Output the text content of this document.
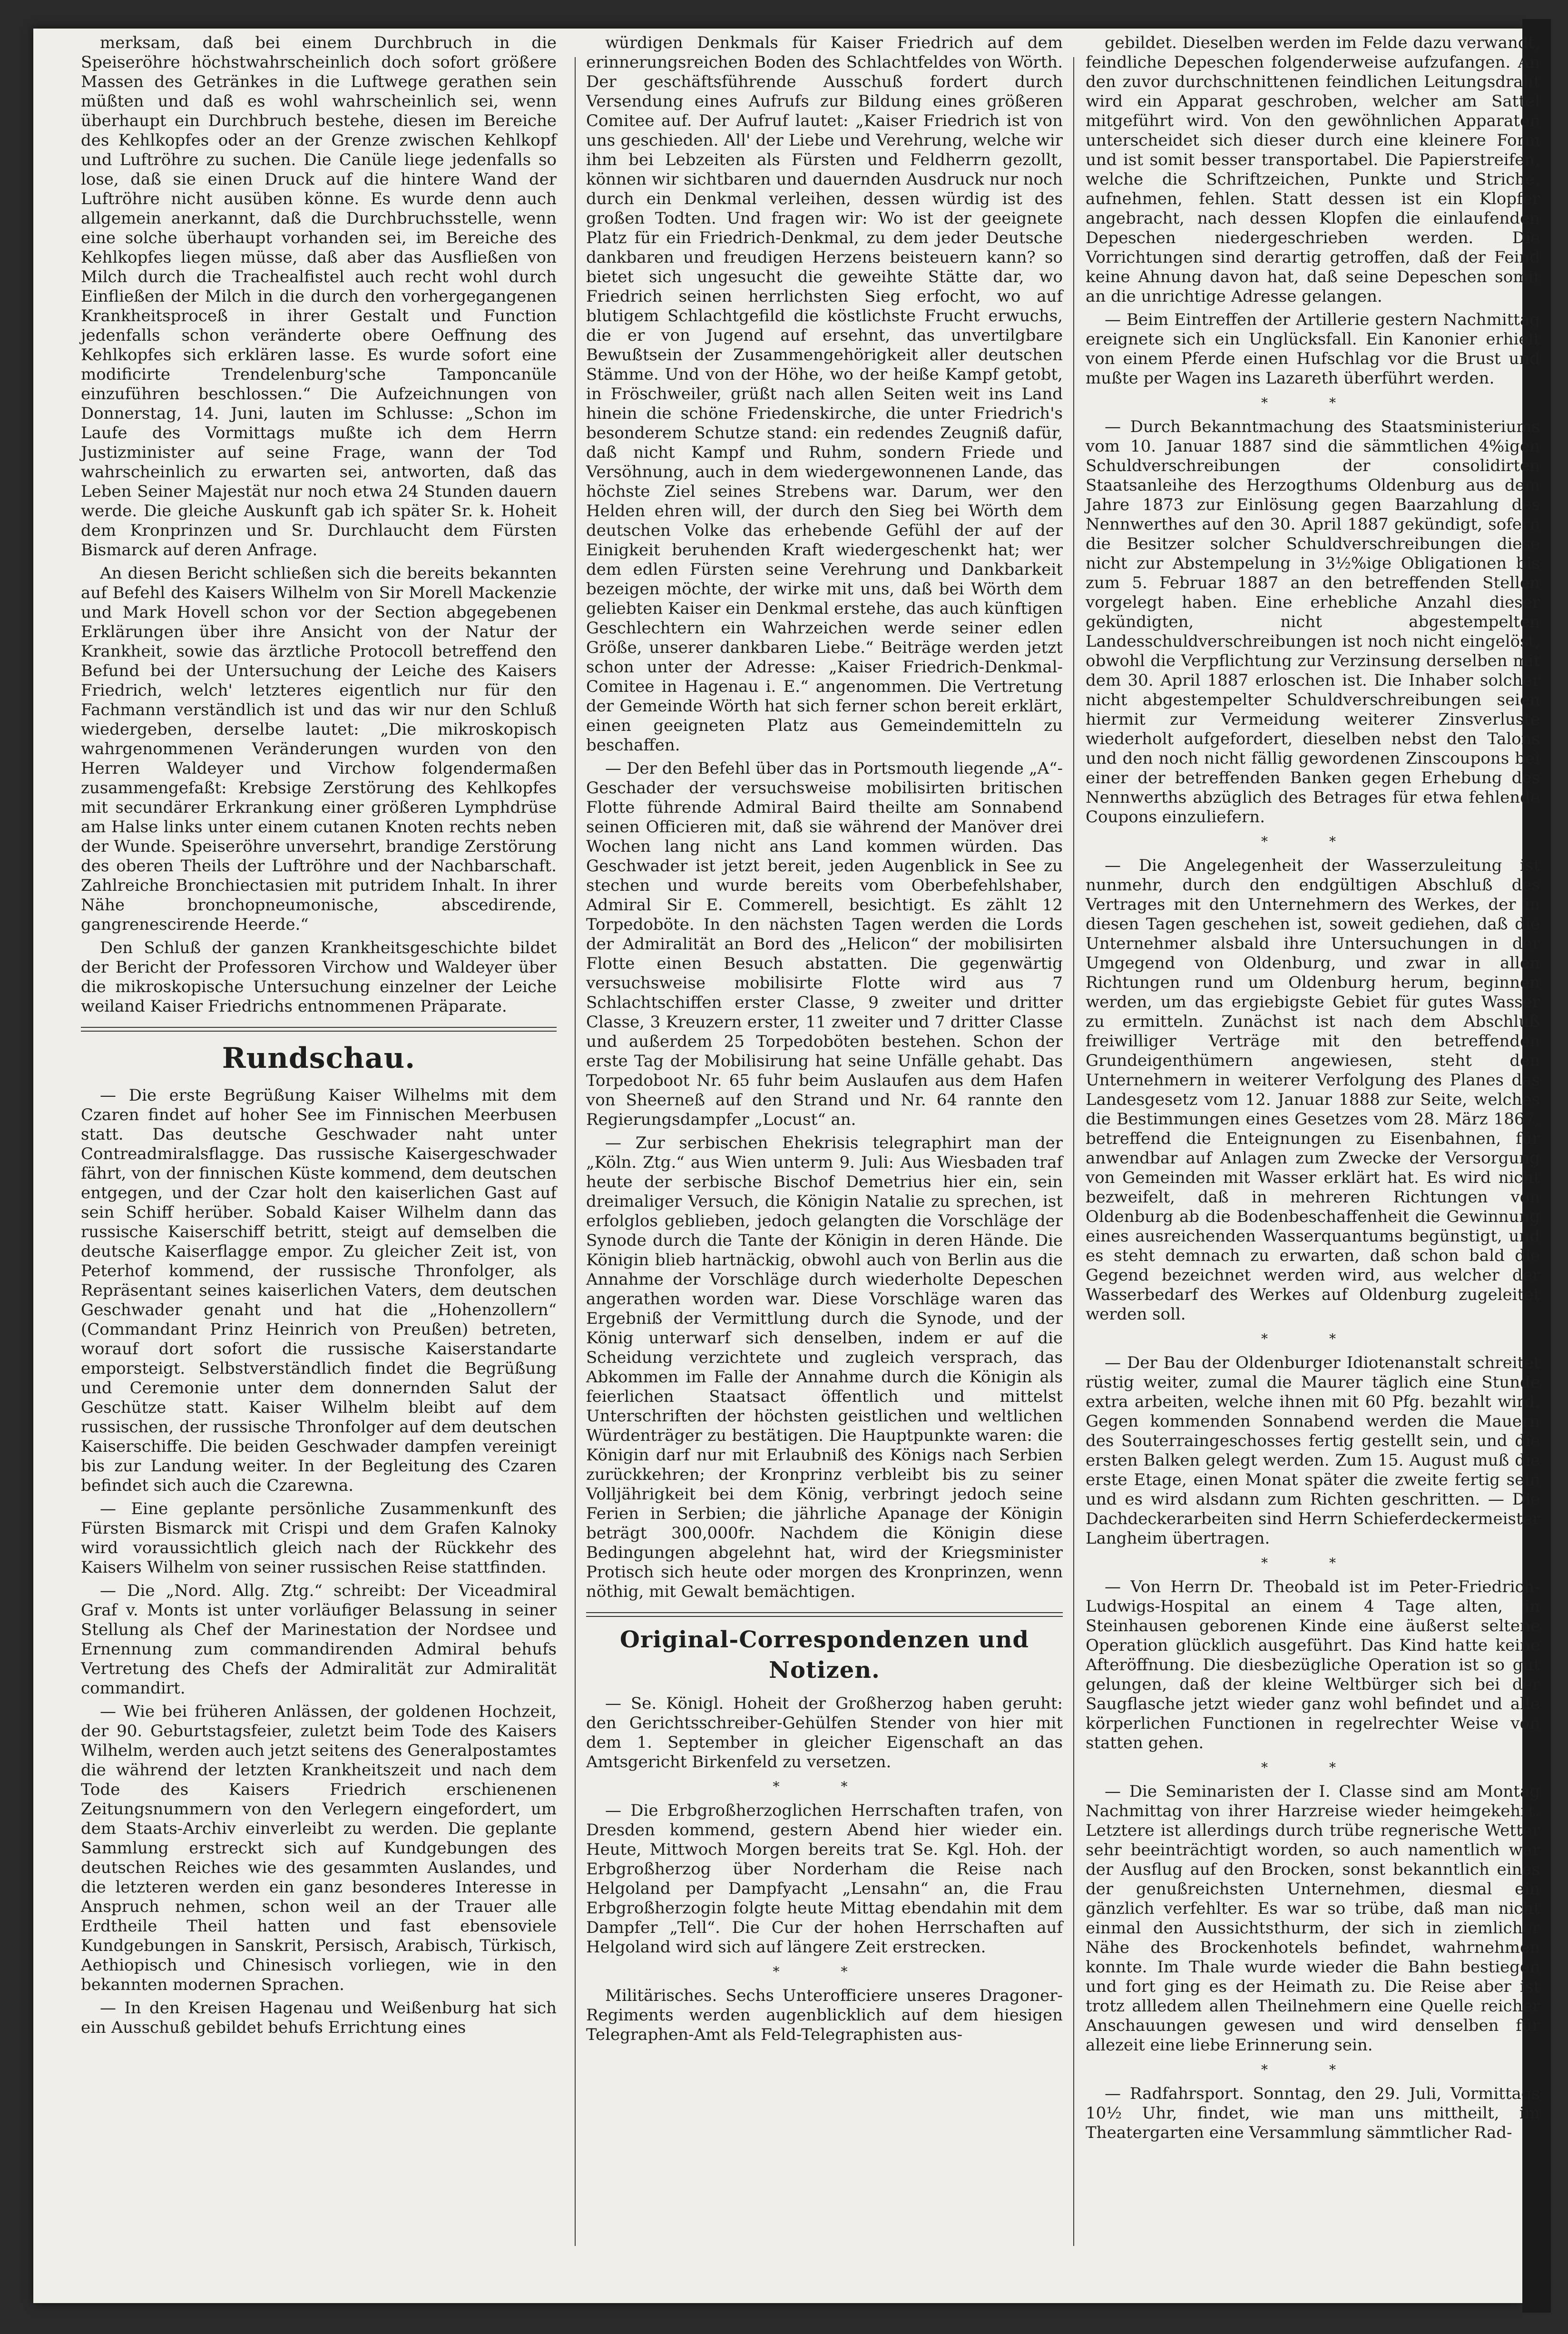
merksam, daß bei einem Durchbruch in die Speiseröhre höchstwahrscheinlich doch sofort größere Massen des Getränkes in die Luftwege gerathen sein müßten und daß es wohl wahrscheinlich sei, wenn überhaupt ein Durchbruch bestehe, diesen im Bereiche des Kehlkopfes oder an der Grenze zwischen Kehlkopf und Luftröhre zu suchen. Die Canüle liege jedenfalls so lose, daß sie einen Druck auf die hintere Wand der Luftröhre nicht ausüben könne. Es wurde denn auch allgemein anerkannt, daß die Durchbruchsstelle, wenn eine solche überhaupt vorhanden sei, im Bereiche des Kehlkopfes liegen müsse, daß aber das Ausfließen von Milch durch die Trachealfistel auch recht wohl durch Einfließen der Milch in die durch den vorhergegangenen Krankheitsproceß in ihrer Gestalt und Function jedenfalls schon veränderte obere Oeffnung des Kehlkopfes sich erklären lasse. Es wurde sofort eine modificirte Trendelenburg'sche Tamponcanüle einzuführen beschlossen.“ Die Aufzeichnungen von Donnerstag, 14. Juni, lauten im Schlusse: „Schon im Laufe des Vormittags mußte ich dem Herrn Justizminister auf seine Frage, wann der Tod wahrscheinlich zu erwarten sei, antworten, daß das Leben Seiner Majestät nur noch etwa 24 Stunden dauern werde. Die gleiche Auskunft gab ich später Sr. k. Hoheit dem Kronprinzen und Sr. Durchlaucht dem Fürsten Bismarck auf deren Anfrage.

An diesen Bericht schließen sich die bereits bekannten auf Befehl des Kaisers Wilhelm von Sir Morell Mackenzie und Mark Hovell schon vor der Section abgegebenen Erklärungen über ihre Ansicht von der Natur der Krankheit, sowie das ärztliche Protocoll betreffend den Befund bei der Untersuchung der Leiche des Kaisers Friedrich, welch' letzteres eigentlich nur für den Fachmann verständlich ist und das wir nur den Schluß wiedergeben, derselbe lautet: „Die mikroskopisch wahrgenommenen Veränderungen wurden von den Herren Waldeyer und Virchow folgendermaßen zusammengefaßt: Krebsige Zerstörung des Kehlkopfes mit secundärer Erkrankung einer größeren Lymphdrüse am Halse links unter einem cutanen Knoten rechts neben der Wunde. Speiseröhre unversehrt, brandige Zerstörung des oberen Theils der Luftröhre und der Nachbarschaft. Zahlreiche Bronchiectasien mit putridem Inhalt. In ihrer Nähe bronchopneumonische, abscedirende, gangrenescirende Heerde.“

Den Schluß der ganzen Krankheitsgeschichte bildet der Bericht der Professoren Virchow und Waldeyer über die mikroskopische Untersuchung einzelner der Leiche weiland Kaiser Friedrichs entnommenen Präparate.

Rundschau.

— Die erste Begrüßung Kaiser Wilhelms mit dem Czaren findet auf hoher See im Finnischen Meerbusen statt. Das deutsche Geschwader naht unter Contreadmiralsflagge. Das russische Kaisergeschwader fährt, von der finnischen Küste kommend, dem deutschen entgegen, und der Czar holt den kaiserlichen Gast auf sein Schiff herüber. Sobald Kaiser Wilhelm dann das russische Kaiserschiff betritt, steigt auf demselben die deutsche Kaiserflagge empor. Zu gleicher Zeit ist, von Peterhof kommend, der russische Thronfolger, als Repräsentant seines kaiserlichen Vaters, dem deutschen Geschwader genaht und hat die „Hohenzollern“ (Commandant Prinz Heinrich von Preußen) betreten, worauf dort sofort die russische Kaiserstandarte emporsteigt. Selbstverständlich findet die Begrüßung und Ceremonie unter dem donnernden Salut der Geschütze statt. Kaiser Wilhelm bleibt auf dem russischen, der russische Thronfolger auf dem deutschen Kaiserschiffe. Die beiden Geschwader dampfen vereinigt bis zur Landung weiter. In der Begleitung des Czaren befindet sich auch die Czarewna.

— Eine geplante persönliche Zusammenkunft des Fürsten Bismarck mit Crispi und dem Grafen Kalnoky wird voraussichtlich gleich nach der Rückkehr des Kaisers Wilhelm von seiner russischen Reise stattfinden.

— Die „Nord. Allg. Ztg.“ schreibt: Der Viceadmiral Graf v. Monts ist unter vorläufiger Belassung in seiner Stellung als Chef der Marinestation der Nordsee und Ernennung zum commandirenden Admiral behufs Vertretung des Chefs der Admiralität zur Admiralität commandirt.

— Wie bei früheren Anlässen, der goldenen Hochzeit, der 90. Geburtstagsfeier, zuletzt beim Tode des Kaisers Wilhelm, werden auch jetzt seitens des Generalpostamtes die während der letzten Krankheitszeit und nach dem Tode des Kaisers Friedrich erschienenen Zeitungsnummern von den Verlegern eingefordert, um dem Staats-Archiv einverleibt zu werden. Die geplante Sammlung erstreckt sich auf Kundgebungen des deutschen Reiches wie des gesammten Auslandes, und die letzteren werden ein ganz besonderes Interesse in Anspruch nehmen, schon weil an der Trauer alle Erdtheile Theil hatten und fast ebensoviele Kundgebungen in Sanskrit, Persisch, Arabisch, Türkisch, Aethiopisch und Chinesisch vorliegen, wie in den bekannten modernen Sprachen.

— In den Kreisen Hagenau und Weißenburg hat sich ein Ausschuß gebildet behufs Errichtung eines

würdigen Denkmals für Kaiser Friedrich auf dem erinnerungsreichen Boden des Schlachtfeldes von Wörth. Der geschäftsführende Ausschuß fordert durch Versendung eines Aufrufs zur Bildung eines größeren Comitee auf. Der Aufruf lautet: „Kaiser Friedrich ist von uns geschieden. All' der Liebe und Verehrung, welche wir ihm bei Lebzeiten als Fürsten und Feldherrn gezollt, können wir sichtbaren und dauernden Ausdruck nur noch durch ein Denkmal verleihen, dessen würdig ist des großen Todten. Und fragen wir: Wo ist der geeignete Platz für ein Friedrich-Denkmal, zu dem jeder Deutsche dankbaren und freudigen Herzens beisteuern kann? so bietet sich ungesucht die geweihte Stätte dar, wo Friedrich seinen herrlichsten Sieg erfocht, wo auf blutigem Schlachtgefild die köstlichste Frucht erwuchs, die er von Jugend auf ersehnt, das unvertilgbare Bewußtsein der Zusammengehörigkeit aller deutschen Stämme. Und von der Höhe, wo der heiße Kampf getobt, in Fröschweiler, grüßt nach allen Seiten weit ins Land hinein die schöne Friedenskirche, die unter Friedrich's besonderem Schutze stand: ein redendes Zeugniß dafür, daß nicht Kampf und Ruhm, sondern Friede und Versöhnung, auch in dem wiedergewonnenen Lande, das höchste Ziel seines Strebens war. Darum, wer den Helden ehren will, der durch den Sieg bei Wörth dem deutschen Volke das erhebende Gefühl der auf der Einigkeit beruhenden Kraft wiedergeschenkt hat; wer dem edlen Fürsten seine Verehrung und Dankbarkeit bezeigen möchte, der wirke mit uns, daß bei Wörth dem geliebten Kaiser ein Denkmal erstehe, das auch künftigen Geschlechtern ein Wahrzeichen werde seiner edlen Größe, unserer dankbaren Liebe.“ Beiträge werden jetzt schon unter der Adresse: „Kaiser Friedrich-Denkmal-Comitee in Hagenau i. E.“ angenommen. Die Vertretung der Gemeinde Wörth hat sich ferner schon bereit erklärt, einen geeigneten Platz aus Gemeindemitteln zu beschaffen.

— Der den Befehl über das in Portsmouth liegende „A“-Geschader der versuchsweise mobilisirten britischen Flotte führende Admiral Baird theilte am Sonnabend seinen Officieren mit, daß sie während der Manöver drei Wochen lang nicht ans Land kommen würden. Das Geschwader ist jetzt bereit, jeden Augenblick in See zu stechen und wurde bereits vom Oberbefehlshaber, Admiral Sir E. Commerell, besichtigt. Es zählt 12 Torpedoböte. In den nächsten Tagen werden die Lords der Admiralität an Bord des „Helicon“ der mobilisirten Flotte einen Besuch abstatten. Die gegenwärtig versuchsweise mobilisirte Flotte wird aus 7 Schlachtschiffen erster Classe, 9 zweiter und dritter Classe, 3 Kreuzern erster, 11 zweiter und 7 dritter Classe und außerdem 25 Torpedoböten bestehen. Schon der erste Tag der Mobilisirung hat seine Unfälle gehabt. Das Torpedoboot Nr. 65 fuhr beim Auslaufen aus dem Hafen von Sheerneß auf den Strand und Nr. 64 rannte den Regierungsdampfer „Locust“ an.

— Zur serbischen Ehekrisis telegraphirt man der „Köln. Ztg.“ aus Wien unterm 9. Juli: Aus Wiesbaden traf heute der serbische Bischof Demetrius hier ein, sein dreimaliger Versuch, die Königin Natalie zu sprechen, ist erfolglos geblieben, jedoch gelangten die Vorschläge der Synode durch die Tante der Königin in deren Hände. Die Königin blieb hartnäckig, obwohl auch von Berlin aus die Annahme der Vorschläge durch wiederholte Depeschen angerathen worden war. Diese Vorschläge waren das Ergebniß der Vermittlung durch die Synode, und der König unterwarf sich denselben, indem er auf die Scheidung verzichtete und zugleich versprach, das Abkommen im Falle der Annahme durch die Königin als feierlichen Staatsact öffentlich und mittelst Unterschriften der höchsten geistlichen und weltlichen Würdenträger zu bestätigen. Die Hauptpunkte waren: die Königin darf nur mit Erlaubniß des Königs nach Serbien zurückkehren; der Kronprinz verbleibt bis zu seiner Volljährigkeit bei dem König, verbringt jedoch seine Ferien in Serbien; die jährliche Apanage der Königin beträgt 300,000fr. Nachdem die Königin diese Bedingungen abgelehnt hat, wird der Kriegsminister Protisch sich heute oder morgen des Kronprinzen, wenn nöthig, mit Gewalt bemächtigen.

Original-Correspondenzen und Notizen.

— Se. Königl. Hoheit der Großherzog haben geruht: den Gerichtsschreiber-Gehülfen Stender von hier mit dem 1. September in gleicher Eigenschaft an das Amtsgericht Birkenfeld zu versetzen.

* *

— Die Erbgroßherzoglichen Herrschaften trafen, von Dresden kommend, gestern Abend hier wieder ein. Heute, Mittwoch Morgen bereits trat Se. Kgl. Hoh. der Erbgroßherzog über Norderham die Reise nach Helgoland per Dampfyacht „Lensahn“ an, die Frau Erbgroßherzogin folgte heute Mittag ebendahin mit dem Dampfer „Tell“. Die Cur der hohen Herrschaften auf Helgoland wird sich auf längere Zeit erstrecken.

* *

Militärisches. Sechs Unterofficiere unseres Dragoner-Regiments werden augenblicklich auf dem hiesigen Telegraphen-Amt als Feld-Telegraphisten aus-

gebildet. Dieselben werden im Felde dazu verwandt, feindliche Depeschen folgenderweise aufzufangen. An den zuvor durchschnittenen feindlichen Leitungsdraht wird ein Apparat geschroben, welcher am Sattel mitgeführt wird. Von den gewöhnlichen Apparaten unterscheidet sich dieser durch eine kleinere Form und ist somit besser transportabel. Die Papierstreifen, welche die Schriftzeichen, Punkte und Striche, aufnehmen, fehlen. Statt dessen ist ein Klopfer angebracht, nach dessen Klopfen die einlaufenden Depeschen niedergeschrieben werden. Die Vorrichtungen sind derartig getroffen, daß der Feind keine Ahnung davon hat, daß seine Depeschen somit an die unrichtige Adresse gelangen.

— Beim Eintreffen der Artillerie gestern Nachmittag ereignete sich ein Unglücksfall. Ein Kanonier erhielt von einem Pferde einen Hufschlag vor die Brust und mußte per Wagen ins Lazareth überführt werden.

* *

— Durch Bekanntmachung des Staatsministeriums vom 10. Januar 1887 sind die sämmtlichen 4%igen Schuldverschreibungen der consolidirten Staatsanleihe des Herzogthums Oldenburg aus dem Jahre 1873 zur Einlösung gegen Baarzahlung des Nennwerthes auf den 30. April 1887 gekündigt, sofern die Besitzer solcher Schuldverschreibungen diese nicht zur Abstempelung in 3½%ige Obligationen bis zum 5. Februar 1887 an den betreffenden Stellen vorgelegt haben. Eine erhebliche Anzahl dieser gekündigten, nicht abgestempelten Landesschuldverschreibungen ist noch nicht eingelöst, obwohl die Verpflichtung zur Verzinsung derselben mit dem 30. April 1887 erloschen ist. Die Inhaber solcher nicht abgestempelter Schuldverschreibungen seien hiermit zur Vermeidung weiterer Zinsverluste wiederholt aufgefordert, dieselben nebst den Talons und den noch nicht fällig gewordenen Zinscoupons bei einer der betreffenden Banken gegen Erhebung des Nennwerths abzüglich des Betrages für etwa fehlende Coupons einzuliefern.

* *

— Die Angelegenheit der Wasserzuleitung ist nunmehr, durch den endgültigen Abschluß des Vertrages mit den Unternehmern des Werkes, der in diesen Tagen geschehen ist, soweit gediehen, daß die Unternehmer alsbald ihre Untersuchungen in der Umgegend von Oldenburg, und zwar in allen Richtungen rund um Oldenburg herum, beginnen werden, um das ergiebigste Gebiet für gutes Wasser zu ermitteln. Zunächst ist nach dem Abschluß freiwilliger Verträge mit den betreffenden Grundeigenthümern angewiesen, steht den Unternehmern in weiterer Verfolgung des Planes das Landesgesetz vom 12. Januar 1888 zur Seite, welches die Bestimmungen eines Gesetzes vom 28. März 1867, betreffend die Enteignungen zu Eisenbahnen, für anwendbar auf Anlagen zum Zwecke der Versorgung von Gemeinden mit Wasser erklärt hat. Es wird nicht bezweifelt, daß in mehreren Richtungen von Oldenburg ab die Bodenbeschaffenheit die Gewinnung eines ausreichenden Wasserquantums begünstigt, und es steht demnach zu erwarten, daß schon bald die Gegend bezeichnet werden wird, aus welcher der Wasserbedarf des Werkes auf Oldenburg zugeleitet werden soll.

* *

— Der Bau der Oldenburger Idiotenanstalt schreitet rüstig weiter, zumal die Maurer täglich eine Stunde extra arbeiten, welche ihnen mit 60 Pfg. bezahlt wird. Gegen kommenden Sonnabend werden die Mauern des Souterraingeschosses fertig gestellt sein, und die ersten Balken gelegt werden. Zum 15. August muß die erste Etage, einen Monat später die zweite fertig sein und es wird alsdann zum Richten geschritten. — Die Dachdeckerarbeiten sind Herrn Schieferdeckermeister Langheim übertragen.

* *

— Von Herrn Dr. Theobald ist im Peter-Friedrich-Ludwigs-Hospital an einem 4 Tage alten, in Steinhausen geborenen Kinde eine äußerst seltene Operation glücklich ausgeführt. Das Kind hatte keine Afteröffnung. Die diesbezügliche Operation ist so gut gelungen, daß der kleine Weltbürger sich bei der Saugflasche jetzt wieder ganz wohl befindet und alle körperlichen Functionen in regelrechter Weise von statten gehen.

* *

— Die Seminaristen der I. Classe sind am Montag Nachmittag von ihrer Harzreise wieder heimgekehrt. Letztere ist allerdings durch trübe regnerische Wetter sehr beeinträchtigt worden, so auch namentlich war der Ausflug auf den Brocken, sonst bekanntlich eines der genußreichsten Unternehmen, diesmal ein gänzlich verfehlter. Es war so trübe, daß man nicht einmal den Aussichtsthurm, der sich in ziemlicher Nähe des Brockenhotels befindet, wahrnehmen konnte. Im Thale wurde wieder die Bahn bestiegen und fort ging es der Heimath zu. Die Reise aber ist trotz allledem allen Theilnehmern eine Quelle reicher Anschauungen gewesen und wird denselben für allezeit eine liebe Erinnerung sein.

* *

— Radfahrsport. Sonntag, den 29. Juli, Vormittags 10½ Uhr, findet, wie man uns mittheilt, im Theatergarten eine Versammlung sämmtlicher Rad-
